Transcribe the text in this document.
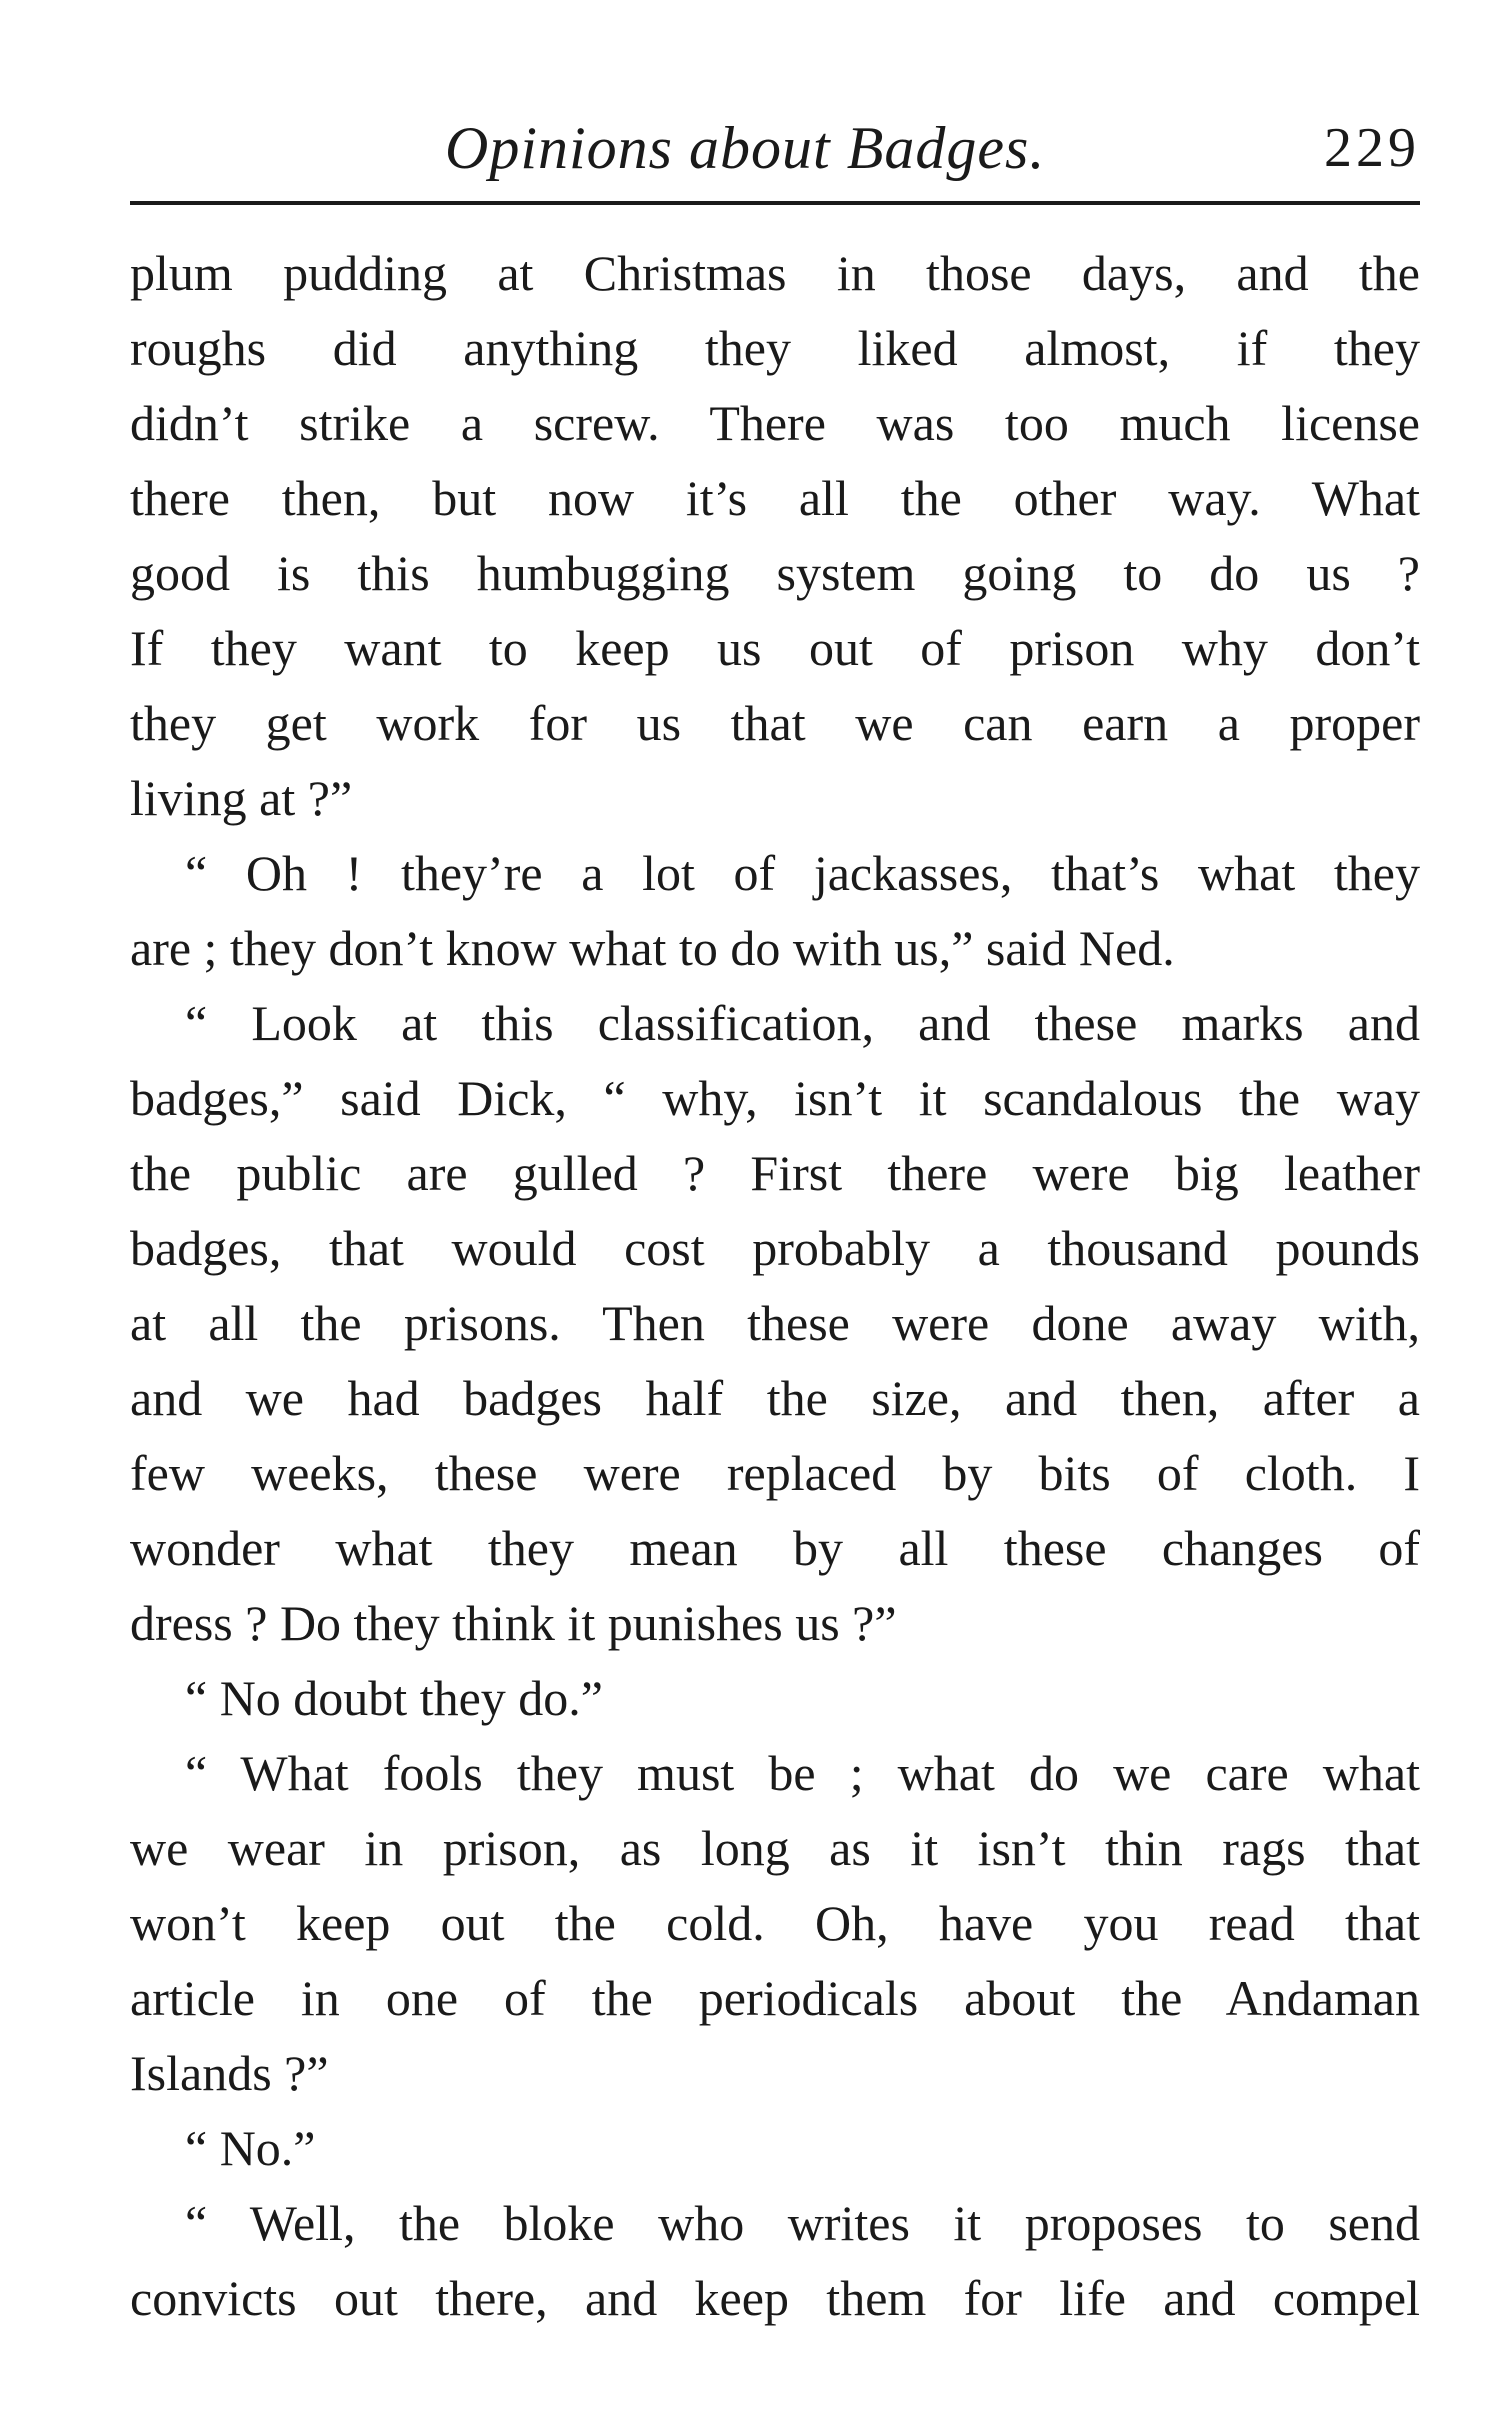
Opinions about Badges.	229
plum pudding at Christmas in those days, and the
roughs did anything they liked almost, if they
didn’t strike a screw. There was too much license
there then, but now it’s all the other way. What
good is this humbugging system going to do us ?
If they want to keep us out of prison why don’t
they get work for us that we can earn a proper
living at ?”
“ Oh ! they’re a lot of jackasses, that’s what they
are ; they don’t know what to do with us,” said Ned.
“ Look at this classification, and these marks and
badges,” said Dick, “ why, isn’t it scandalous the way
the public are gulled ? First there were big leather
badges, that would cost probably a thousand pounds
at all the prisons. Then these were done away with,
and we had badges half the size, and then, after a
few weeks, these were replaced by bits of cloth. I
wonder what they mean by all these changes of
dress ? Do they think it punishes us ?”
“ No doubt they do.”
“ What fools they must be ; what do we care what
we wear in prison, as long as it isn’t thin rags that
won’t keep out the cold. Oh, have you read that
article in one of the periodicals about the Andaman
Islands ?”
“ No.”
“ Well, the bloke who writes it proposes to send
convicts out there, and keep them for life and compel
